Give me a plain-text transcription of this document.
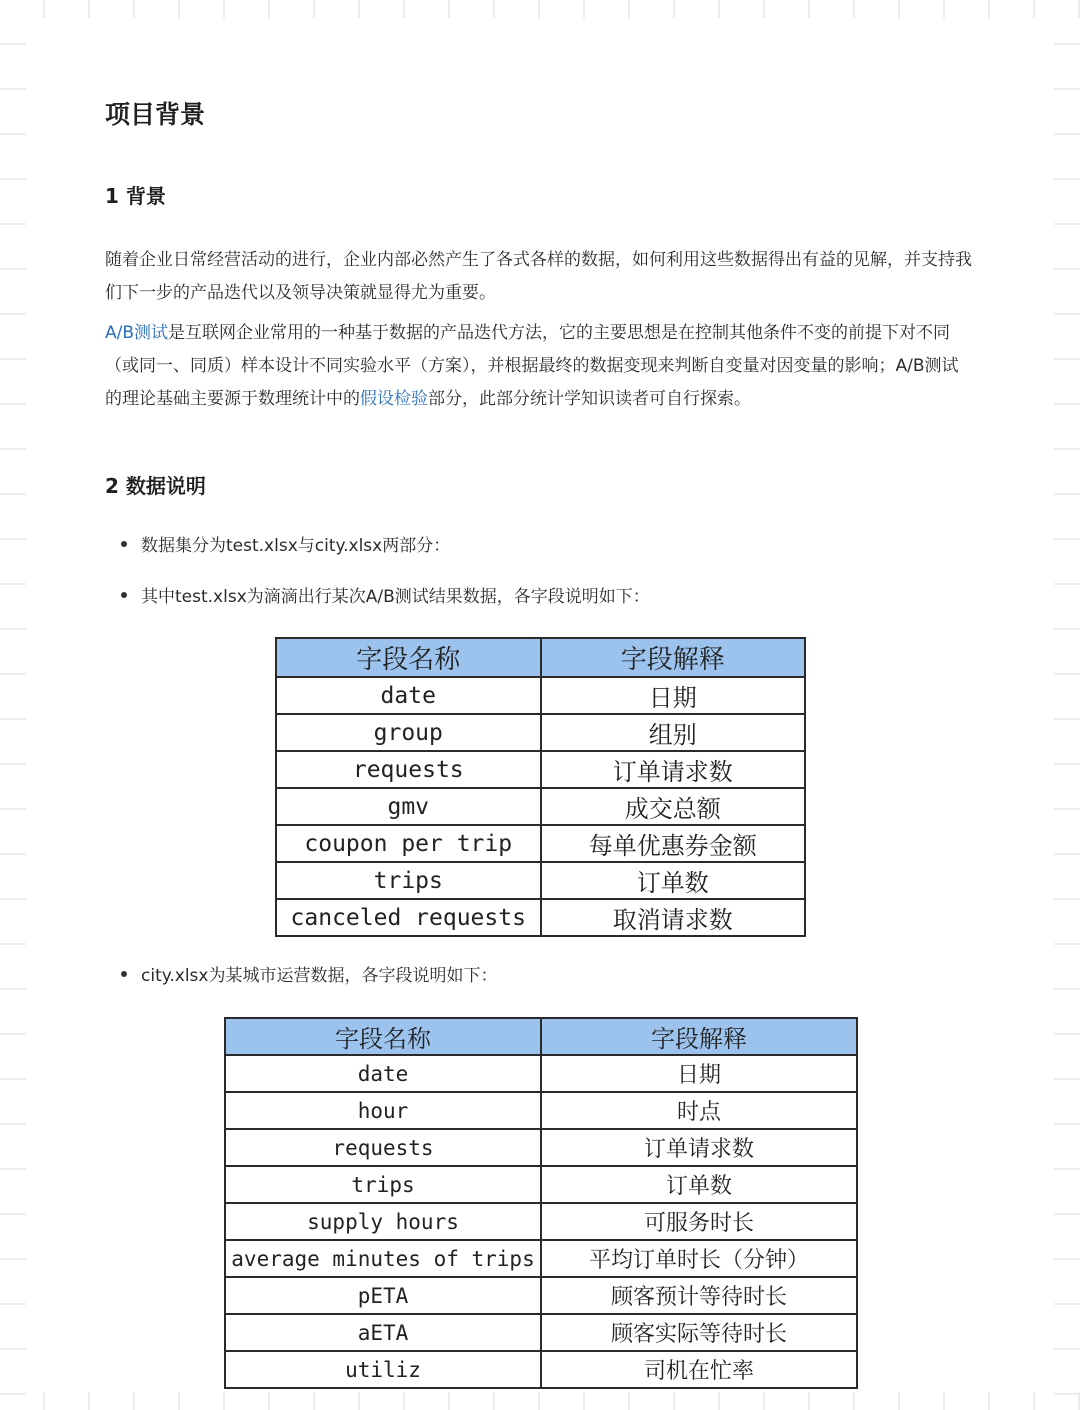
项目背景
1 背景

随着企业日常经营活动的进行，企业内部必然产生了各式各样的数据，如何利用这些数据得出有益的见解，并支持我们下一步的产品迭代以及领导决策就显得尤为重要。

A/B测试是互联网企业常用的一种基于数据的产品迭代方法，它的主要思想是在控制其他条件不变的前提下对不同（或同一、同质）样本设计不同实验水平（方案），并根据最终的数据变现来判断自变量对因变量的影响；A/B测试的理论基础主要源于数理统计中的假设检验部分，此部分统计学知识读者可自行探索。

2 数据说明
数据集分为test.xlsx与city.xlsx两部分：
其中test.xlsx为滴滴出行某次A/B测试结果数据，各字段说明如下：
字段名称	字段解释
date	日期
group	组别
requests	订单请求数
gmv	成交总额
coupon per trip	每单优惠券金额
trips	订单数
canceled requests	取消请求数
city.xlsx为某城市运营数据，各字段说明如下：
字段名称	字段解释
date	日期
hour	时点
requests	订单请求数
trips	订单数
supply hours	可服务时长
average minutes of trips	平均订单时长（分钟）
pETA	顾客预计等待时长
aETA	顾客实际等待时长
utiliz	司机在忙率
